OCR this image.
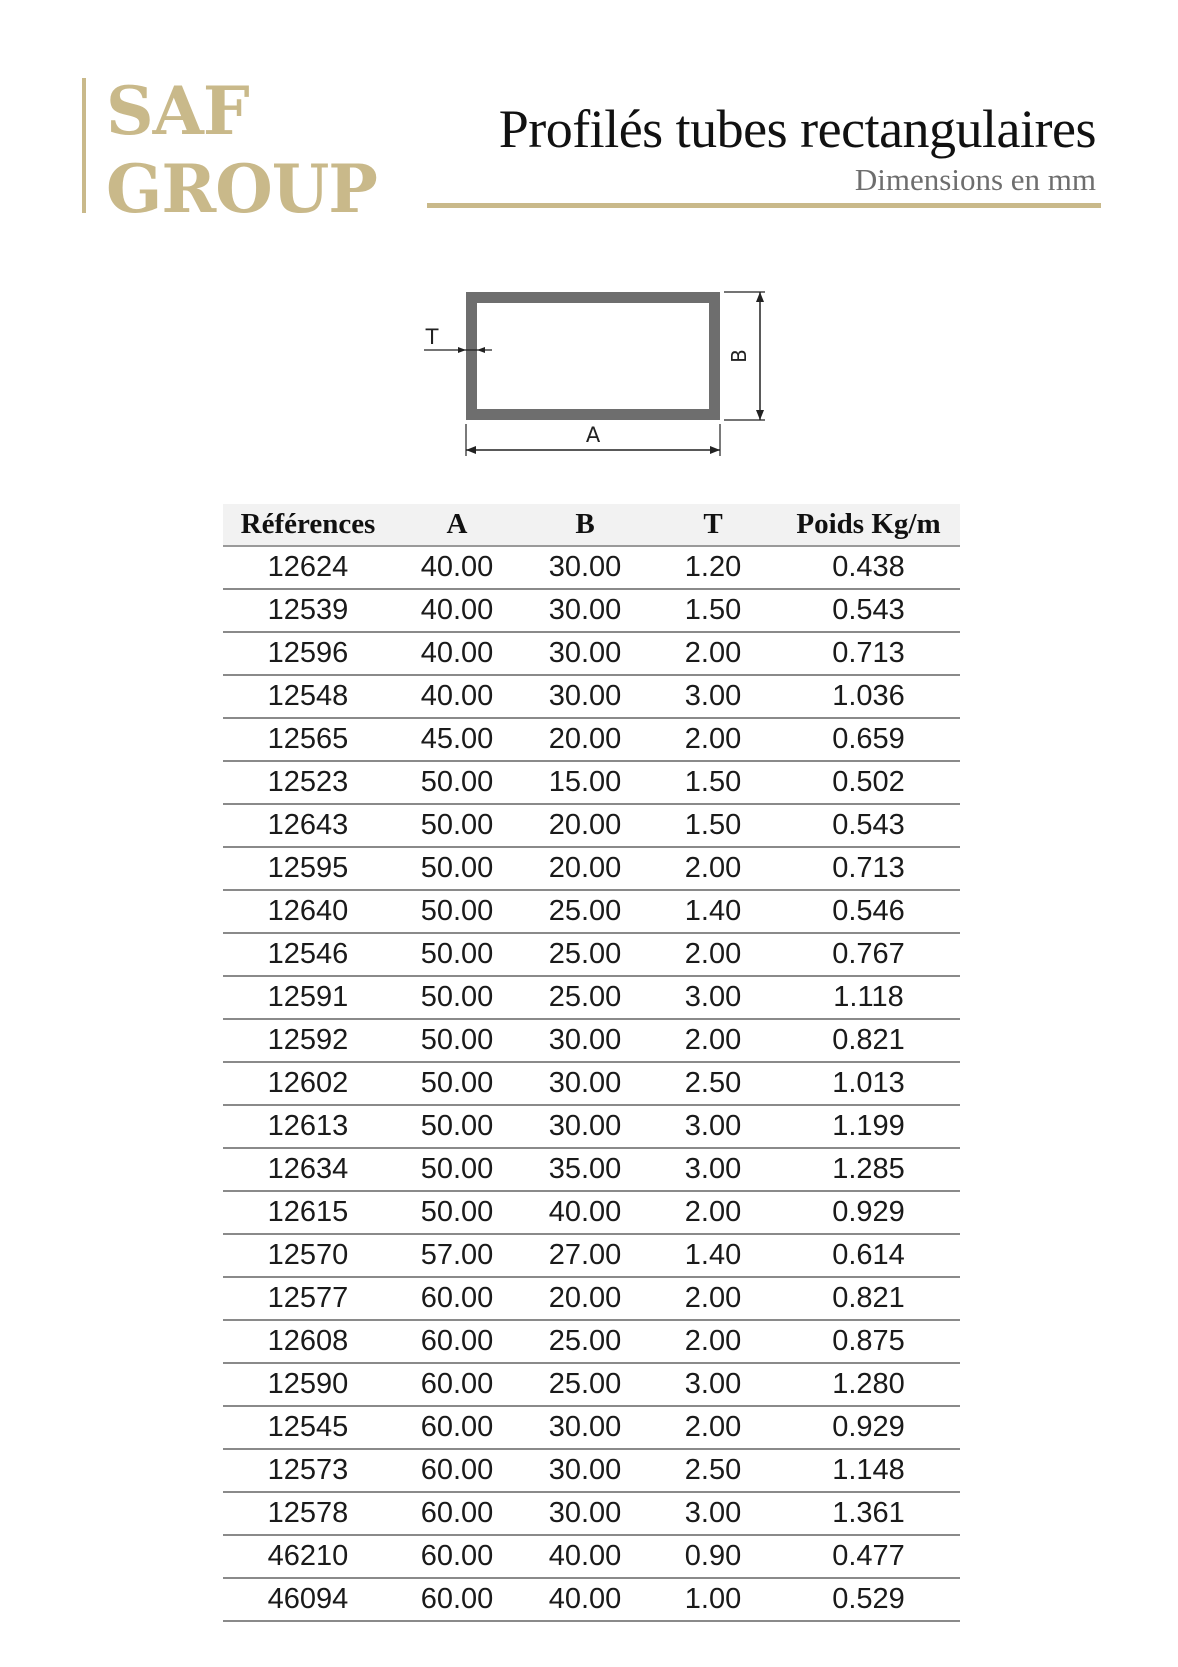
SAF
GROUP
Profilés tubes rectangulaires
Dimensions en mm
B
A
T
Références	A	B	T	Poids Kg/m
12624	40.00	30.00	1.20	0.438
12539	40.00	30.00	1.50	0.543
12596	40.00	30.00	2.00	0.713
12548	40.00	30.00	3.00	1.036
12565	45.00	20.00	2.00	0.659
12523	50.00	15.00	1.50	0.502
12643	50.00	20.00	1.50	0.543
12595	50.00	20.00	2.00	0.713
12640	50.00	25.00	1.40	0.546
12546	50.00	25.00	2.00	0.767
12591	50.00	25.00	3.00	1.118
12592	50.00	30.00	2.00	0.821
12602	50.00	30.00	2.50	1.013
12613	50.00	30.00	3.00	1.199
12634	50.00	35.00	3.00	1.285
12615	50.00	40.00	2.00	0.929
12570	57.00	27.00	1.40	0.614
12577	60.00	20.00	2.00	0.821
12608	60.00	25.00	2.00	0.875
12590	60.00	25.00	3.00	1.280
12545	60.00	30.00	2.00	0.929
12573	60.00	30.00	2.50	1.148
12578	60.00	30.00	3.00	1.361
46210	60.00	40.00	0.90	0.477
46094	60.00	40.00	1.00	0.529
